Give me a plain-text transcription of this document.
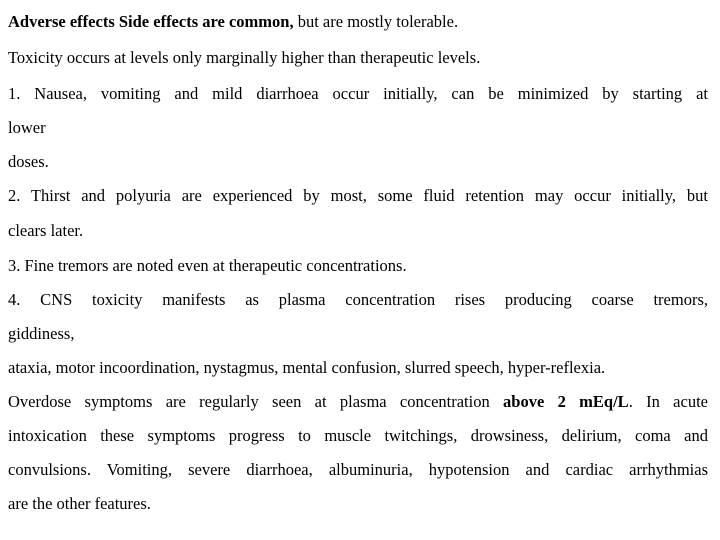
Adverse effects Side effects are common, but are mostly tolerable.
Toxicity occurs at levels only marginally higher than therapeutic levels.
1. Nausea, vomiting and mild diarrhoea occur initially, can be minimized by starting at
lower
doses.
2. Thirst and polyuria are experienced by most, some fluid retention may occur initially, but
clears later.
3. Fine tremors are noted even at therapeutic concentrations.
4. CNS toxicity manifests as plasma concentration rises producing coarse tremors,
giddiness,
ataxia, motor incoordination, nystagmus, mental confusion, slurred speech, hyper-reflexia.
Overdose symptoms are regularly seen at plasma concentration above 2 mEq/L. In acute
intoxication these symptoms progress to muscle twitchings, drowsiness, delirium, coma and
convulsions. Vomiting, severe diarrhoea, albuminuria, hypotension and cardiac arrhythmias
are the other features.
